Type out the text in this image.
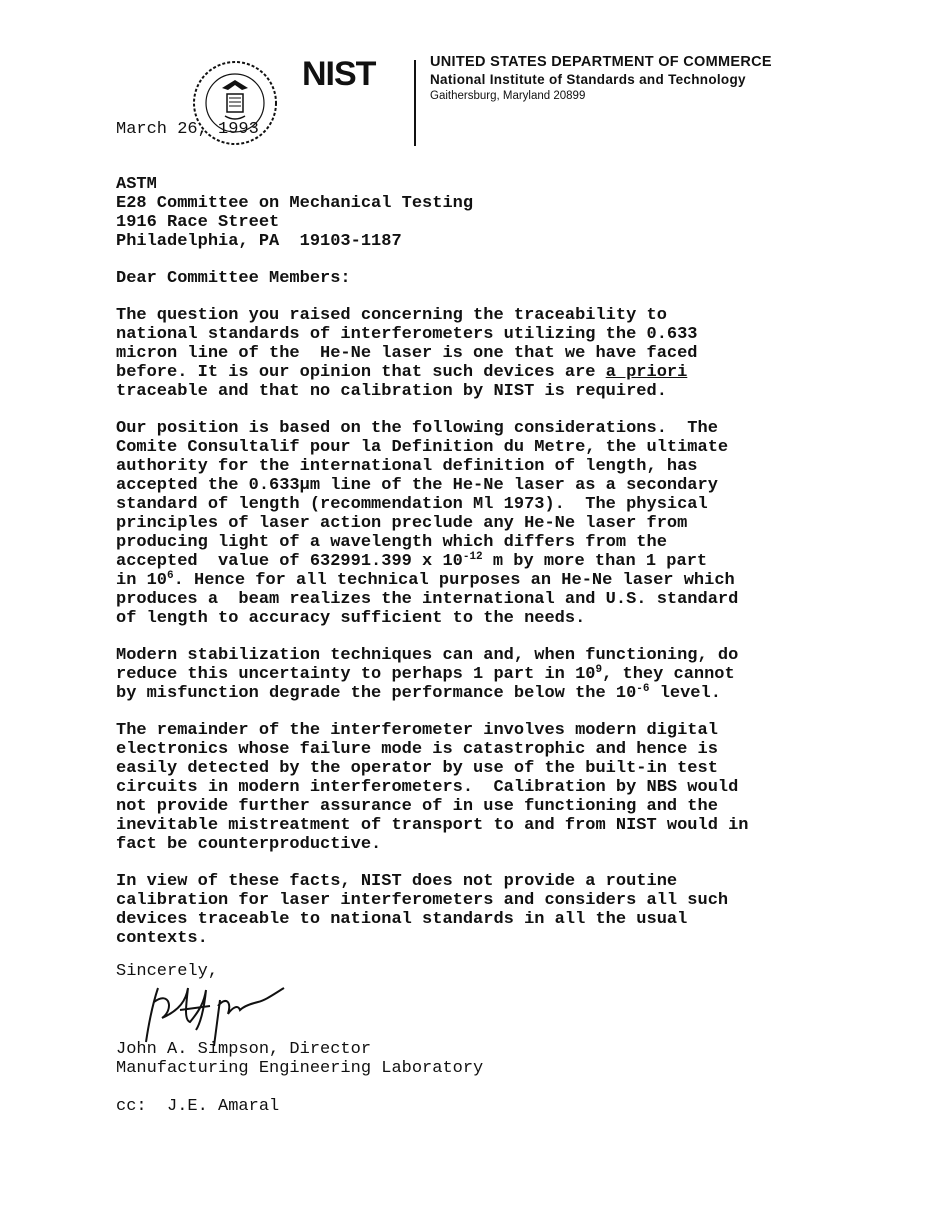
NIST	UNITED STATES DEPARTMENT OF COMMERCE
National Institute of Standards and Technology
Gaithersburg, Maryland 20899
March 26, 1993
ASTM
E28 Committee on Mechanical Testing
1916 Race Street
Philadelphia, PA  19103-1187
Dear Committee Members:
The question you raised concerning the traceability to
national standards of interferometers utilizing the 0.633
micron line of the  He-Ne laser is one that we have faced
before. It is our opinion that such devices are a priori
traceable and that no calibration by NIST is required.
Our position is based on the following considerations.  The
Comite Consultalif pour la Definition du Metre, the ultimate
authority for the international definition of length, has
accepted the 0.633µm line of the He-Ne laser as a secondary
standard of length (recommendation Ml 1973).  The physical
principles of laser action preclude any He-Ne laser from
producing light of a wavelength which differs from the
accepted  value of 632991.399 x $10^{-12}$ m by more than 1 part
in $10^6$. Hence for all technical purposes an He-Ne laser which
produces a  beam realizes the international and U.S. standard
of length to accuracy sufficient to the needs.
Modern stabilization techniques can and, when functioning, do
reduce this uncertainty to perhaps 1 part in $10^9$, they cannot
by misfunction degrade the performance below the $10^{-6}$ level.
The remainder of the interferometer involves modern digital
electronics whose failure mode is catastrophic and hence is
easily detected by the operator by use of the built-in test
circuits in modern interferometers.  Calibration by NBS would
not provide further assurance of in use functioning and the
inevitable mistreatment of transport to and from NIST would in
fact be counterproductive.
In view of these facts, NIST does not provide a routine
calibration for laser interferometers and considers all such
devices traceable to national standards in all the usual
contexts.
Sincerely,
John A. Simpson, Director
Manufacturing Engineering Laboratory
cc: J.E. Amaral
